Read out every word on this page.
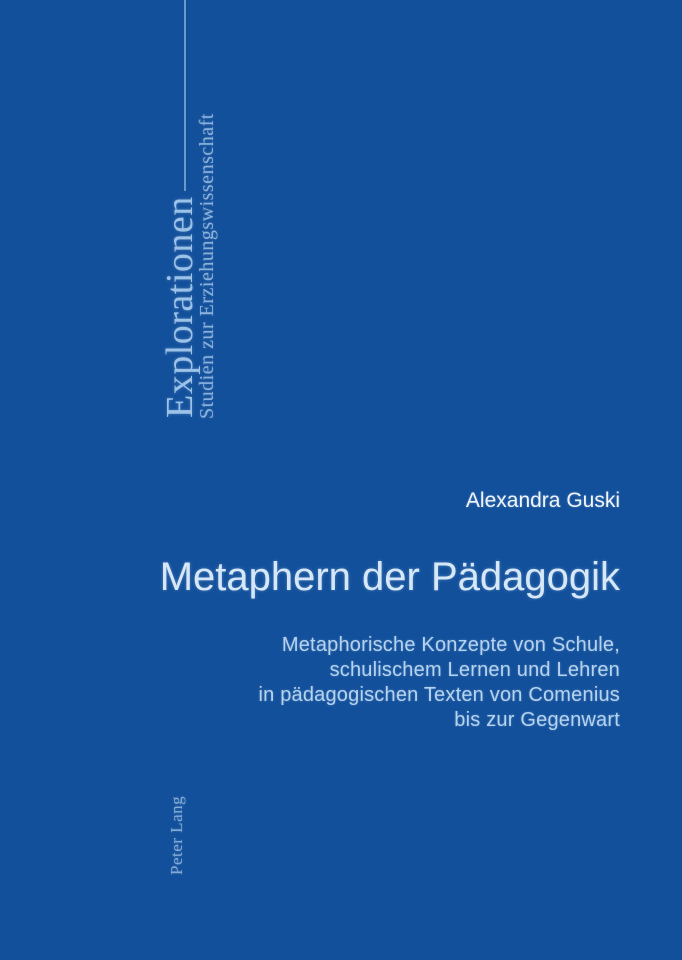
Explorationen
Studien zur Erziehungswissenschaft
Alexandra Guski
Metaphern der Pädagogik
Metaphorische Konzepte von Schule,
schulischem Lernen und Lehren
in pädagogischen Texten von Comenius
bis zur Gegenwart
Peter Lang
